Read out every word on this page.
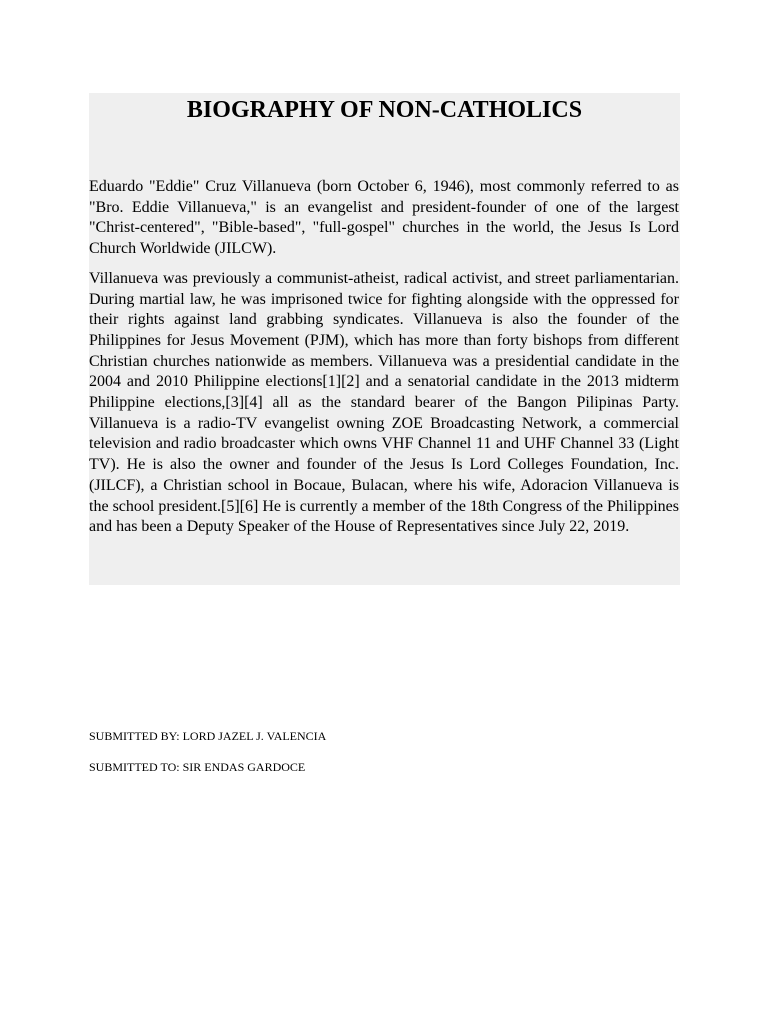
BIOGRAPHY OF NON-CATHOLICS

Eduardo "Eddie" Cruz Villanueva (born October 6, 1946), most commonly referred to as "Bro. Eddie Villanueva," is an evangelist and president-founder of one of the largest "Christ-centered", "Bible-based", "full-gospel" churches in the world, the Jesus Is Lord Church Worldwide (JILCW).

Villanueva was previously a communist-atheist, radical activist, and street parliamentarian. During martial law, he was imprisoned twice for fighting alongside with the oppressed for their rights against land grabbing syndicates. Villanueva is also the founder of the Philippines for Jesus Movement (PJM), which has more than forty bishops from different Christian churches nationwide as members. Villanueva was a presidential candidate in the 2004 and 2010 Philippine elections[1][2] and a senatorial candidate in the 2013 midterm Philippine elections,[3][4] all as the standard bearer of the Bangon Pilipinas Party. Villanueva is a radio-TV evangelist owning ZOE Broadcasting Network, a commercial television and radio broadcaster which owns VHF Channel 11 and UHF Channel 33 (Light TV). He is also the owner and founder of the Jesus Is Lord Colleges Foundation, Inc. (JILCF), a Christian school in Bocaue, Bulacan, where his wife, Adoracion Villanueva is the school president.[5][6] He is currently a member of the 18th Congress of the Philippines and has been a Deputy Speaker of the House of Representatives since July 22, 2019.

SUBMITTED BY: LORD JAZEL J. VALENCIA

SUBMITTED TO: SIR ENDAS GARDOCE
